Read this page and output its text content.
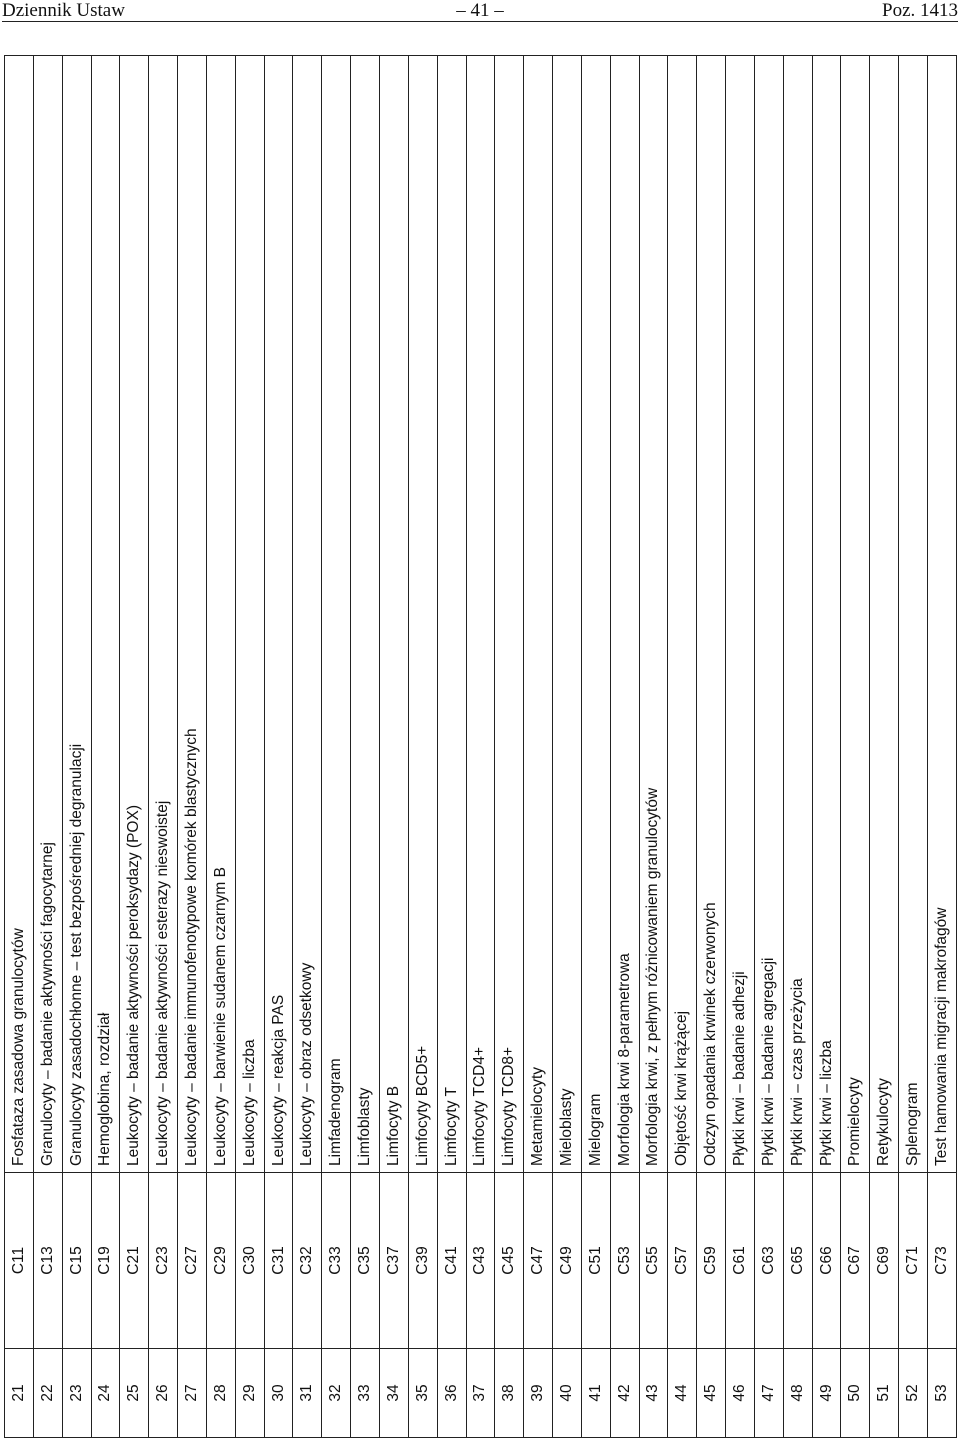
Dziennik Ustaw	– 41 –	Poz. 1413
21
C11
Fosfataza zasadowa granulocytów
22
C13
Granulocyty – badanie aktywności fagocytarnej
23
C15
Granulocyty zasadochłonne – test bezpośredniej degranulacji
24
C19
Hemoglobina, rozdział
25
C21
Leukocyty – badanie aktywności peroksydazy (POX)
26
C23
Leukocyty – badanie aktywności esterazy nieswoistej
27
C27
Leukocyty – badanie immunofenotypowe komórek blastycznych
28
C29
Leukocyty – barwienie sudanem czarnym B
29
C30
Leukocyty – liczba
30
C31
Leukocyty – reakcja PAS
31
C32
Leukocyty – obraz odsetkowy
32
C33
Limfadenogram
33
C35
Limfoblasty
34
C37
Limfocyty B
35
C39
Limfocyty BCD5+
36
C41
Limfocyty T
37
C43
Limfocyty TCD4+
38
C45
Limfocyty TCD8+
39
C47
Metamielocyty
40
C49
Mieloblasty
41
C51
Mielogram
42
C53
Morfologia krwi 8-parametrowa
43
C55
Morfologia krwi, z pełnym różnicowaniem granulocytów
44
C57
Objętość krwi krążącej
45
C59
Odczyn opadania krwinek czerwonych
46
C61
Płytki krwi – badanie adhezji
47
C63
Płytki krwi – badanie agregacji
48
C65
Płytki krwi – czas przeżycia
49
C66
Płytki krwi – liczba
50
C67
Promielocyty
51
C69
Retykulocyty
52
C71
Splenogram
53
C73
Test hamowania migracji makrofagów
